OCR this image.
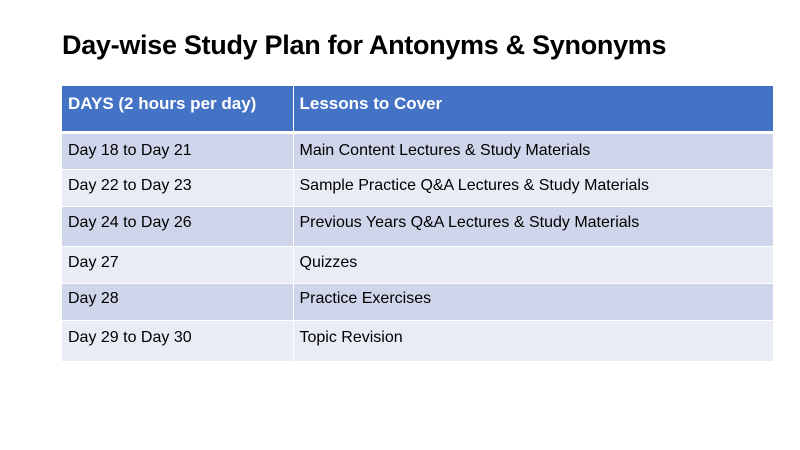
Day-wise Study Plan for Antonyms & Synonyms
DAYS (2 hours per day)	Lessons to Cover
Day 18 to Day 21	Main Content Lectures & Study Materials
Day 22 to Day 23	Sample Practice Q&A Lectures & Study Materials
Day 24 to Day 26	Previous Years Q&A Lectures & Study Materials
Day 27	Quizzes
Day 28	Practice Exercises
Day 29 to Day 30	Topic Revision
